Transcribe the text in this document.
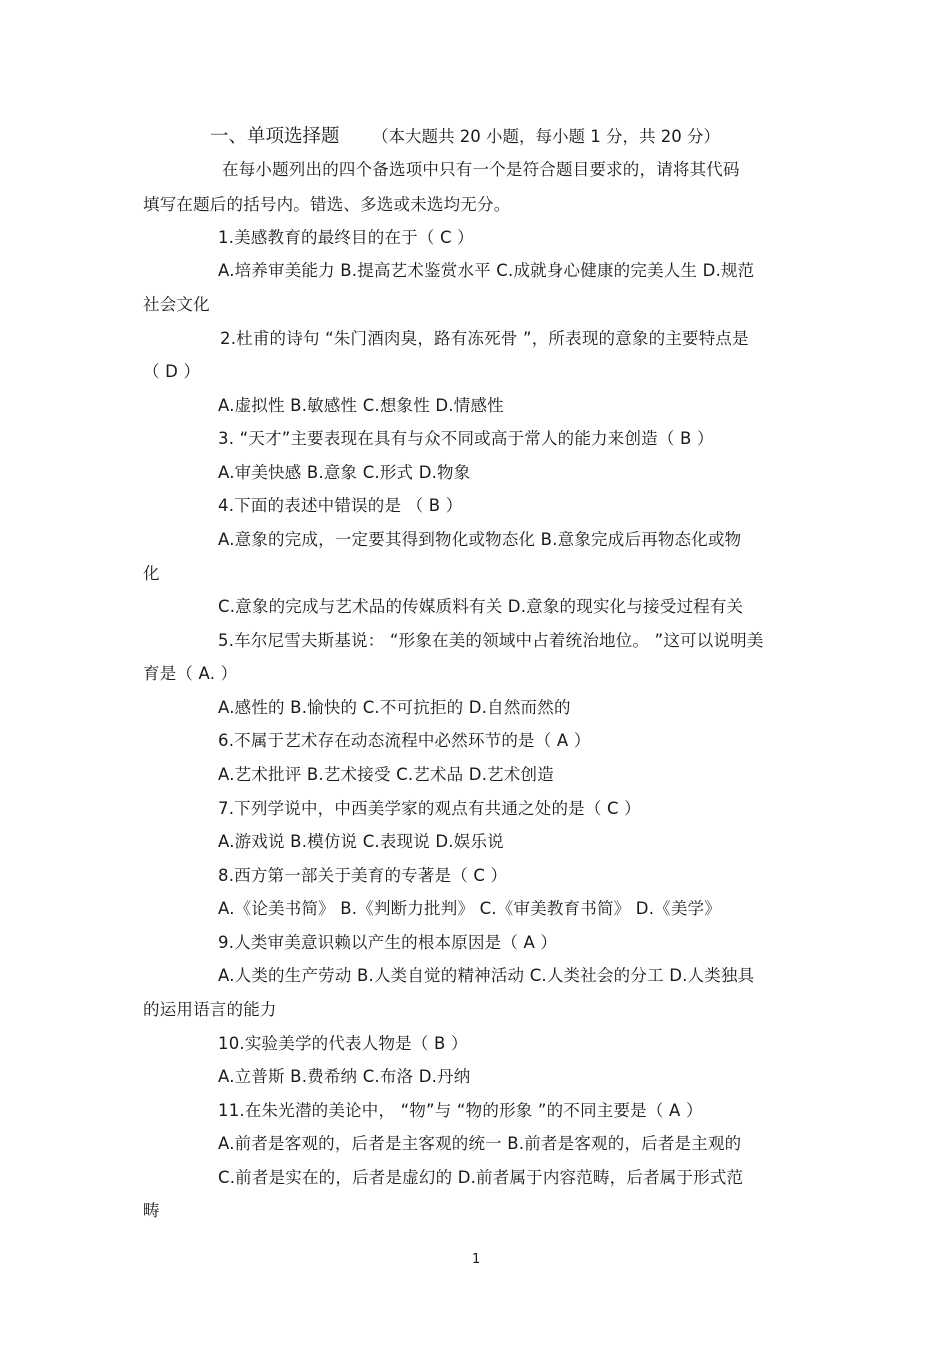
一、单项选择题 （本大题共 20 小题，每小题 1 分，共 20 分）
在每小题列出的四个备选项中只有一个是符合题目要求的，请将其代码
填写在题后的括号内。错选、多选或未选均无分。
1.美感教育的最终目的在于（ C ）
A.培养审美能力 B.提高艺术鉴赏水平 C.成就身心健康的完美人生 D.规范
社会文化
2.杜甫的诗句 “朱门酒肉臭，路有冻死骨 ”，所表现的意象的主要特点是
（ D ）
A.虚拟性 B.敏感性 C.想象性 D.情感性
3. “天才”主要表现在具有与众不同或高于常人的能力来创造（ B ）
A.审美快感 B.意象 C.形式 D.物象
4.下面的表述中错误的是 （ B ）
A.意象的完成，一定要其得到物化或物态化 B.意象完成后再物态化或物
化
C.意象的完成与艺术品的传媒质料有关 D.意象的现实化与接受过程有关
5.车尔尼雪夫斯基说： “形象在美的领域中占着统治地位。 ”这可以说明美
育是（ A. ）
A.感性的 B.愉快的 C.不可抗拒的 D.自然而然的
6.不属于艺术存在动态流程中必然环节的是（ A ）
A.艺术批评 B.艺术接受 C.艺术品 D.艺术创造
7.下列学说中，中西美学家的观点有共通之处的是（ C ）
A.游戏说 B.模仿说 C.表现说 D.娱乐说
8.西方第一部关于美育的专著是（ C ）
A.《论美书简》 B.《判断力批判》 C.《审美教育书简》 D.《美学》
9.人类审美意识赖以产生的根本原因是（ A ）
A.人类的生产劳动 B.人类自觉的精神活动 C.人类社会的分工 D.人类独具
的运用语言的能力
10.实验美学的代表人物是（ B ）
A.立普斯 B.费希纳 C.布洛 D.丹纳
11.在朱光潜的美论中， “物”与 “物的形象 ”的不同主要是（ A ）
A.前者是客观的，后者是主客观的统一 B.前者是客观的，后者是主观的
C.前者是实在的，后者是虚幻的 D.前者属于内容范畴，后者属于形式范
畴
1
